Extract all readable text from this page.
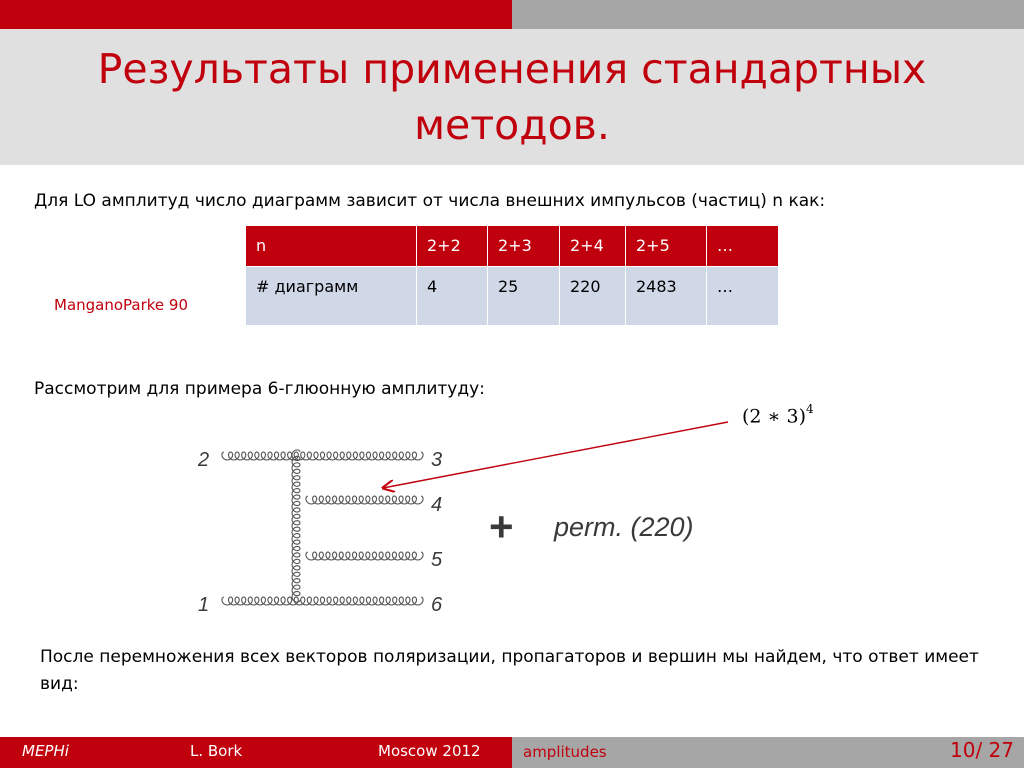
Результаты применения стандартных методов.

Для LO амплитуд число диаграмм зависит от числа внешних импульсов (частиц) n как:

ManganoParke 90

n	2+2	2+3	2+4	2+5	…
# диаграмм	4	25	220	2483	…

Рассмотрим для примера 6-глюонную амплитуду:

(2 ∗ 3)$^4$

2	3
4
5
1	6
+ perm. (220)

После перемножения всех векторов поляризации, пропагаторов и вершин мы найдем, что ответ имеет вид:

MEPHi	L. Bork	Moscow 2012	amplitudes	10/ 27
